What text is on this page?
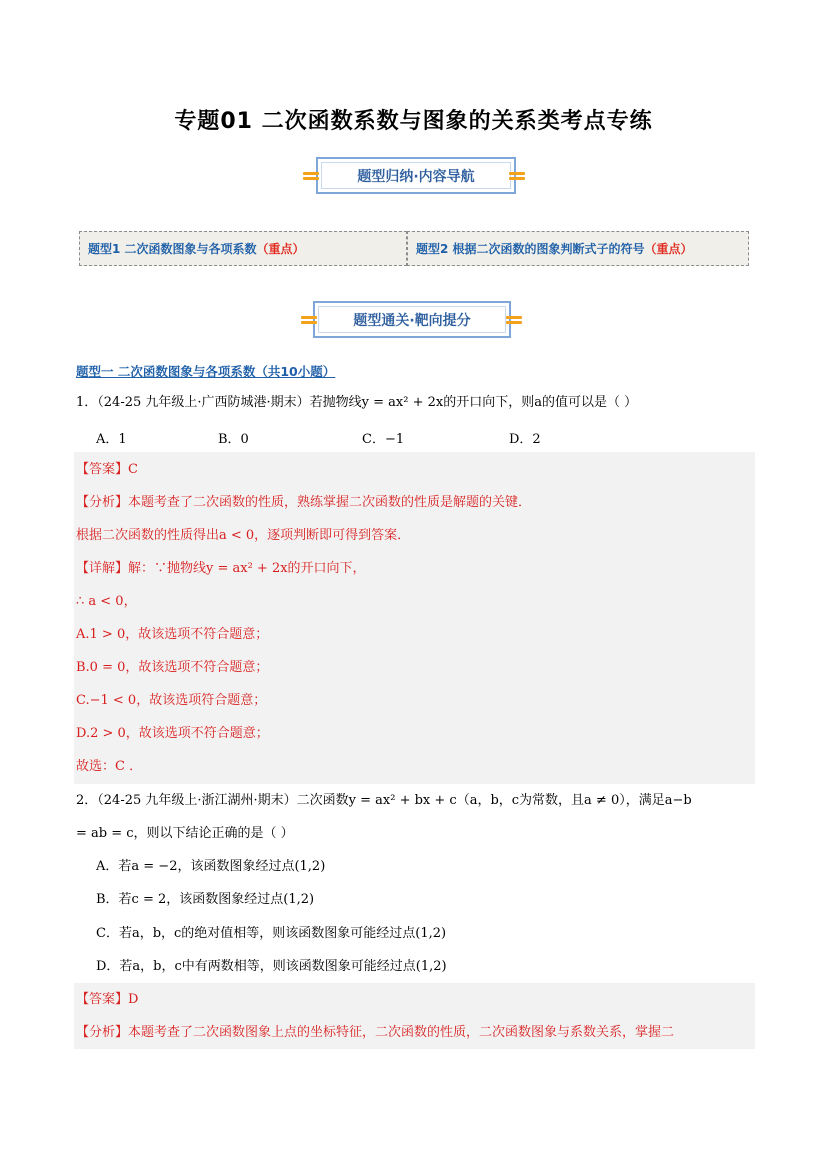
专题01 二次函数系数与图象的关系类考点专练
题型归纳·内容导航
题型1 二次函数图象与各项系数 （重点）	题型2 根据二次函数的图象判断式子的符号 （重点）
题型通关·靶向提分
题型一 二次函数图象与各项系数（共10小题）
1．（24-25 九年级上·广西防城港·期末）若抛物线y = ax² + 2x的开口向下，则a的值可以是（ ）
A．1	B．0	C．−1	D．2
【答案】C
【分析】本题考查了二次函数的性质，熟练掌握二次函数的性质是解题的关键．
根据二次函数的性质得出a < 0，逐项判断即可得到答案．
【详解】解：∵抛物线y = ax² + 2x的开口向下，
∴ a < 0，
A.1 > 0，故该选项不符合题意；
B.0 = 0，故该选项不符合题意；
C.−1 < 0，故该选项符合题意；
D.2 > 0，故该选项不符合题意；
故选：C ．
2．（24-25 九年级上·浙江湖州·期末）二次函数y = ax² + bx + c（a，b，c为常数，且a ≠ 0），满足a−b
= ab = c，则以下结论正确的是（ ）
A．若a = −2，该函数图象经过点(1,2)
B．若c = 2，该函数图象经过点(1,2)
C．若a，b，c的绝对值相等，则该函数图象可能经过点(1,2)
D．若a，b，c中有两数相等，则该函数图象可能经过点(1,2)
【答案】D
【分析】本题考查了二次函数图象上点的坐标特征，二次函数的性质，二次函数图象与系数关系，掌握二
